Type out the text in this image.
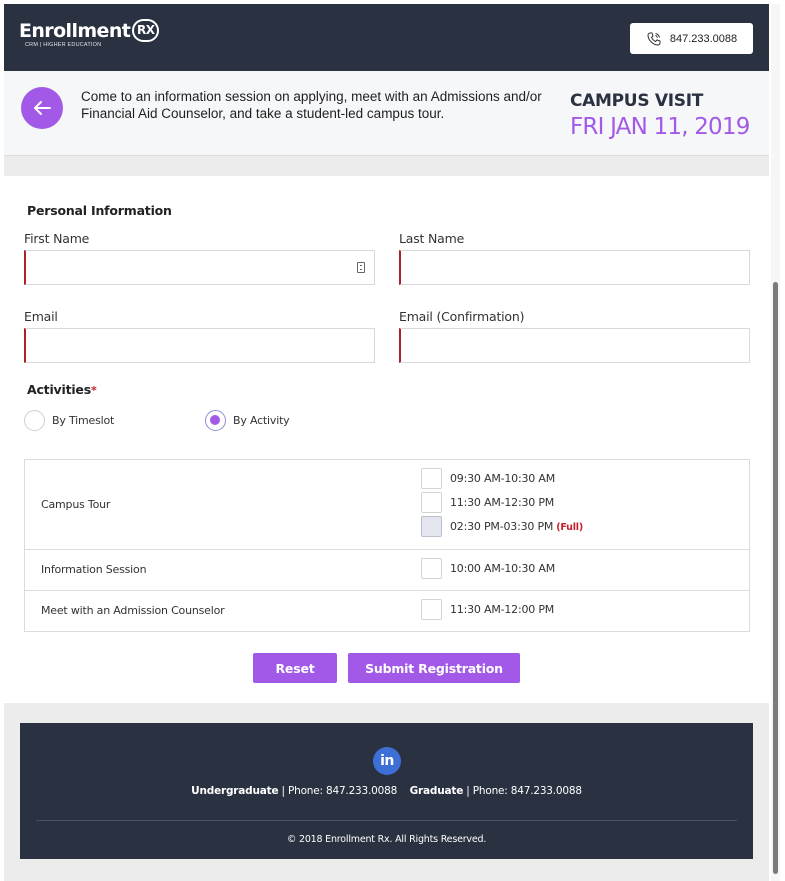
Enrollment RX
CRM | HIGHER EDUCATION
847.233.0088
Come to an information session on applying, meet with an Admissions and/or Financial Aid Counselor, and take a student-led campus tour.
CAMPUS VISIT
FRI JAN 11, 2019
Personal Information
First Name	Last Name
Email	Email (Confirmation)
Activities*
By Timeslot	By Activity
Campus Tour
09:30 AM-10:30 AM
11:30 AM-12:30 PM
02:30 PM-03:30 PM (Full)
Information Session	10:00 AM-10:30 AM
Meet with an Admission Counselor	11:30 AM-12:00 PM
Reset	Submit Registration
in
Undergraduate | Phone: 847.233.0088 Graduate | Phone: 847.233.0088
© 2018 Enrollment Rx. All Rights Reserved.
